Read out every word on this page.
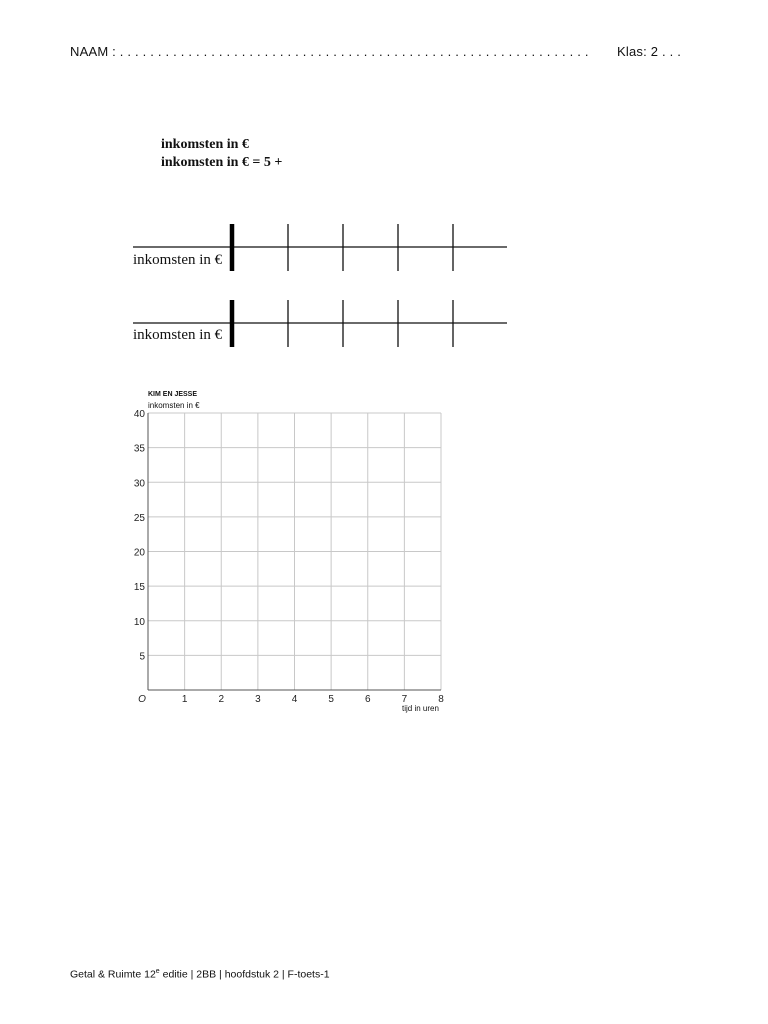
NAAM : . . . . . . . . . . . . . . . . . . . . . . . . . . . . . . . . . . . . . . . . . . . . . . . . . . . . . . . . . . . . . . Klas: 2 . . .
inkomsten in €
inkomsten in € = 5 +
1	2	3	4	5	6	7	8
5
10
15
20
25
30
35
40
O
inkomsten in €
inkomsten in €
KIM EN JESSE
inkomsten in €
tijd in uren
Getal & Ruimte 12e editie | 2BB | hoofdstuk 2 | F-toets-1
